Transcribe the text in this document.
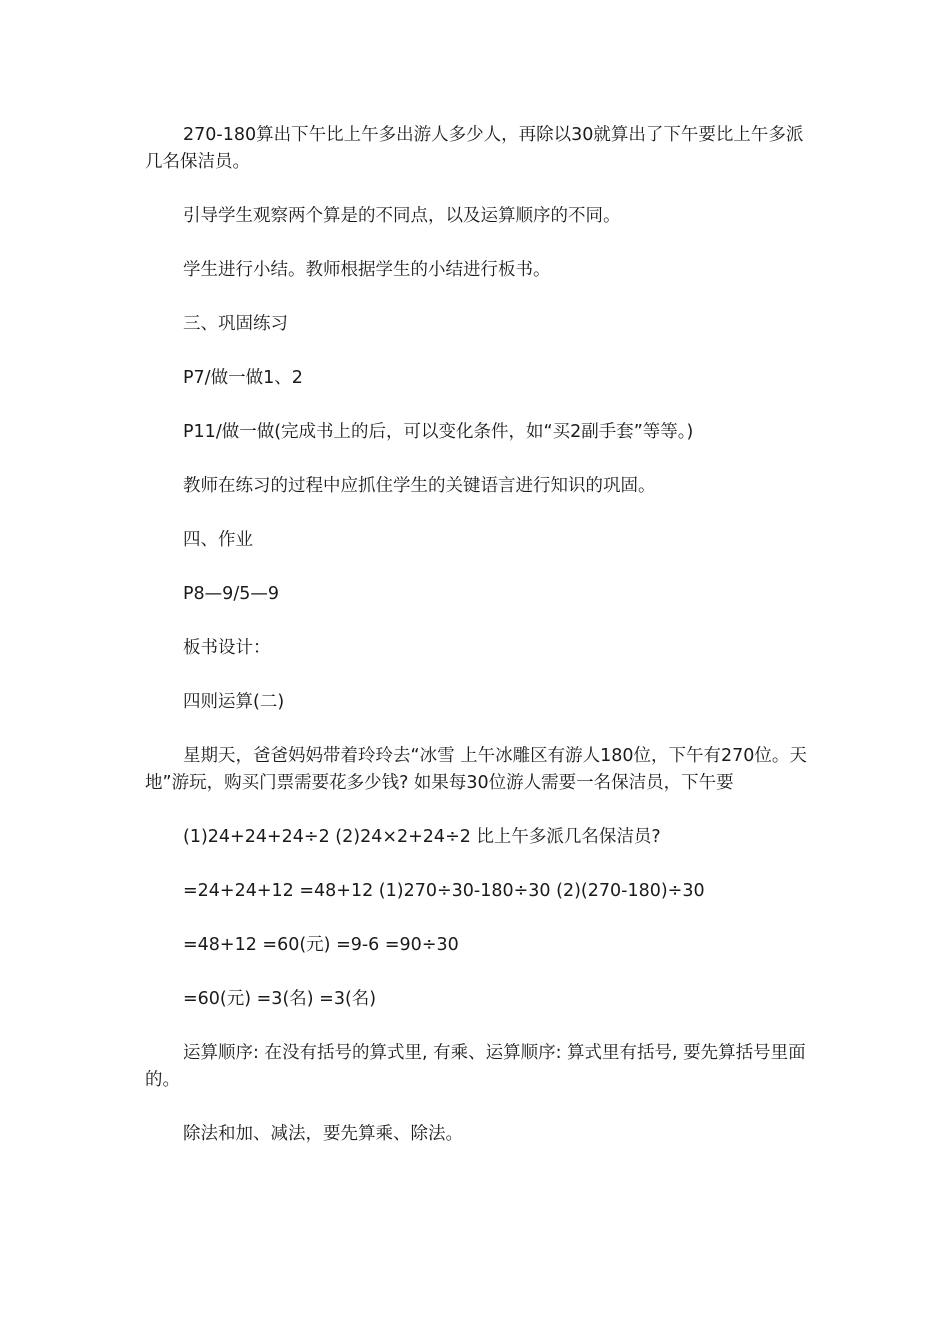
270-180算出下午比上午多出游人多少人，再除以30就算出了下午要比上午多派几名保洁员。

引导学生观察两个算是的不同点，以及运算顺序的不同。

学生进行小结。教师根据学生的小结进行板书。

三、巩固练习

P7/做一做1、2

P11/做一做(完成书上的后，可以变化条件，如“买2副手套”等等。)

教师在练习的过程中应抓住学生的关键语言进行知识的巩固。

四、作业

P8—9/5—9

板书设计：

四则运算(二)

星期天，爸爸妈妈带着玲玲去“冰雪 上午冰雕区有游人180位，下午有270位。天地”游玩，购买门票需要花多少钱? 如果每30位游人需要一名保洁员，下午要

(1)24+24+24÷2 (2)24×2+24÷2 比上午多派几名保洁员?

=24+24+12 =48+12 (1)270÷30-180÷30 (2)(270-180)÷30

=48+12 =60(元) =9-6 =90÷30

=60(元) =3(名) =3(名)

运算顺序: 在没有括号的算式里, 有乘、运算顺序: 算式里有括号, 要先算括号里面的。

除法和加、减法，要先算乘、除法。
